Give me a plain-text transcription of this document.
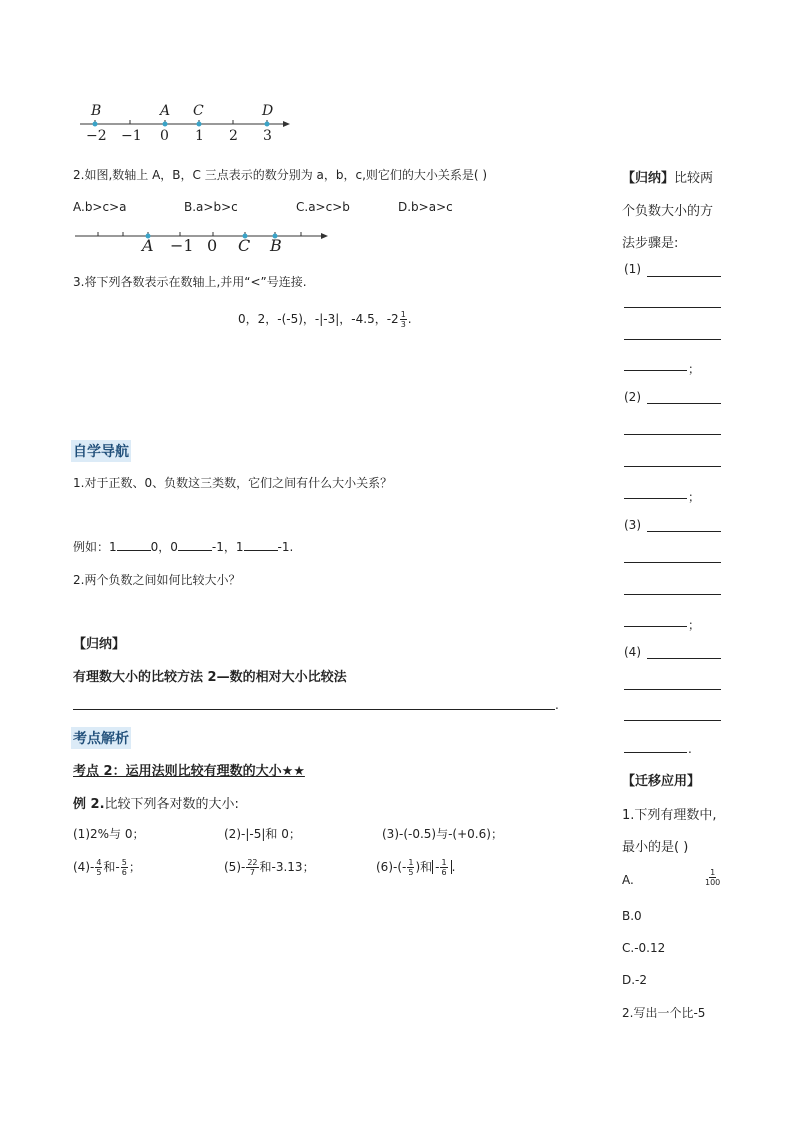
B	A C	D
−2 −1 0 1 2 3
2.如图,数轴上 A，B，C 三点表示的数分别为 a，b，c,则它们的大小关系是( )
A.b>c>a	B.a>b>c	C.a>c>b	D.b>a>c
A −1 0 C B
3.将下列各数表示在数轴上,并用“<”号连接.
0，2，-(-5)，-|-3|，-4.5，$-2 \frac{1}{3}$ .
自学导航
1.对于正数、0、负数这三类数，它们之间有什么大小关系？
例如：1	0，0	-1，1	-1.
2.两个负数之间如何比较大小？
【归纳】
有理数大小的比较方法 2—数的相对大小比较法
.
考点解析
考点 2：运用法则比较有理数的大小★★
例 2.比较下列各对数的大小:
(1)2%与 0；	(2)-|-5|和 0；	(3)-(-0.5)与-(+0.6)；
$(4)- \frac{4}{5}$ 和- $\frac{5}{6}$ ；	$(5)- \frac{22}{7}$ 和-3.13；	$(6)-(- \frac{1}{5}$ )和 - $\frac{1}{6}$ .
【归纳】比较两
个负数大小的方
法步骤是:
(1)
；
(2)
；
(3)
；
(4)
.
【迁移应用】
1.下列有理数中,
最小的是( )
A.	$\frac{1}{100}$
B.0
C.-0.12
D.-2
2.写出一个比-5
